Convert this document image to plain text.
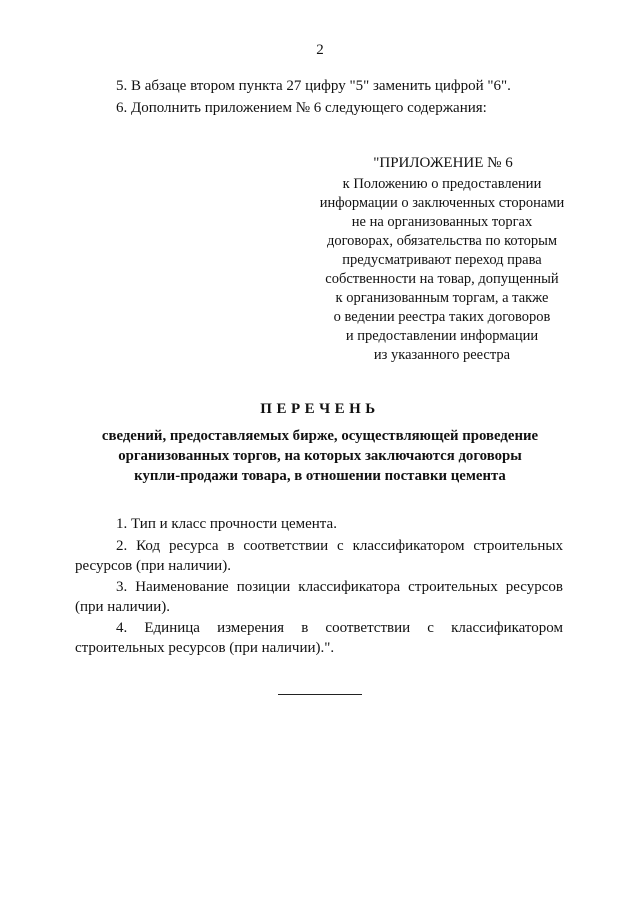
2
5. В абзаце втором пункта 27 цифру "5" заменить цифрой "6".
6. Дополнить приложением № 6 следующего содержания:
"ПРИЛОЖЕНИЕ № 6
к Положению о предоставлении
информации о заключенных сторонами
не на организованных торгах
договорах, обязательства по которым
предусматривают переход права
собственности на товар, допущенный
к организованным торгам, а также
о ведении реестра таких договоров
и предоставлении информации
из указанного реестра
ПЕРЕЧЕНЬ
сведений, предоставляемых бирже, осуществляющей проведение
организованных торгов, на которых заключаются договоры
купли-продажи товара, в отношении поставки цемента

1. Тип и класс прочности цемента.

2. Код ресурса в соответствии с классификатором строительных
ресурсов (при наличии).

3. Наименование позиции классификатора строительных ресурсов
(при наличии).

4. Единица измерения в соответствии с классификатором
строительных ресурсов (при наличии).".
